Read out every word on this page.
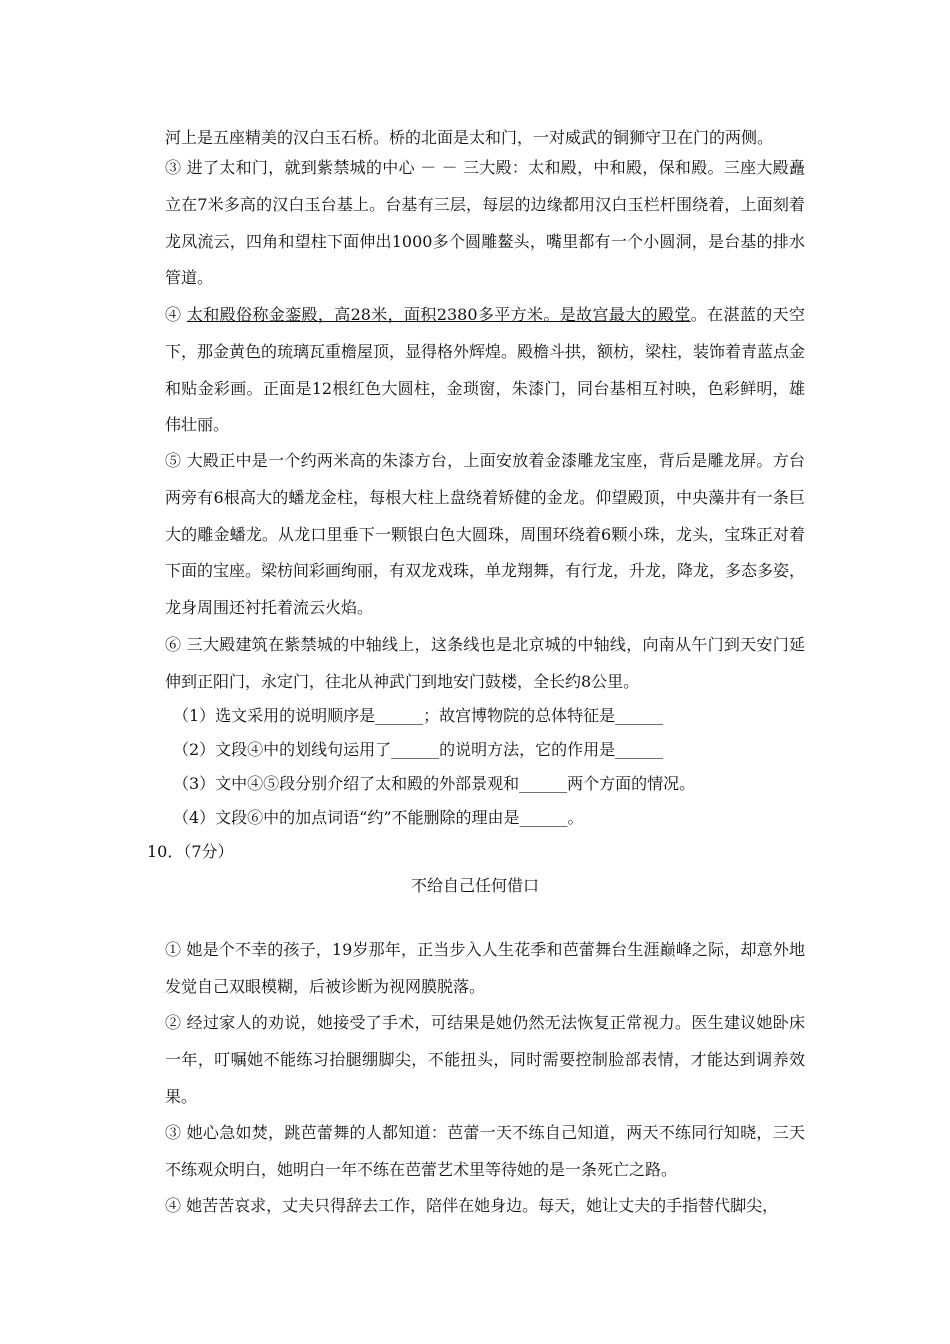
河上是五座精美的汉白玉石桥。桥的北面是太和门，一对威武的铜狮守卫在门的两侧。

③ 进了太和门，就到紫禁城的中心 － － 三大殿：太和殿，中和殿，保和殿。三座大殿矗立在7米多高的汉白玉台基上。台基有三层，每层的边缘都用汉白玉栏杆围绕着，上面刻着龙凤流云，四角和望柱下面伸出1000多个圆雕鳌头，嘴里都有一个小圆洞，是台基的排水管道。

④ 太和殿俗称金銮殿，高28米，面积2380多平方米。是故宫最大的殿堂。在湛蓝的天空下，那金黄色的琉璃瓦重檐屋顶，显得格外辉煌。殿檐斗拱，额枋，梁柱，装饰着青蓝点金和贴金彩画。正面是12根红色大圆柱，金琐窗，朱漆门，同台基相互衬映，色彩鲜明，雄伟壮丽。

⑤ 大殿正中是一个约两米高的朱漆方台，上面安放着金漆雕龙宝座，背后是雕龙屏。方台两旁有6根高大的蟠龙金柱，每根大柱上盘绕着矫健的金龙。仰望殿顶，中央藻井有一条巨大的雕金蟠龙。从龙口里垂下一颗银白色大圆珠，周围环绕着6颗小珠，龙头，宝珠正对着下面的宝座。梁枋间彩画绚丽，有双龙戏珠，单龙翔舞，有行龙，升龙，降龙，多态多姿，龙身周围还衬托着流云火焰。

⑥ 三大殿建筑在紫禁城的中轴线上，这条线也是北京城的中轴线，向南从午门到天安门延伸到正阳门，永定门，往北从神武门到地安门鼓楼，全长约8公里。

（1）选文采用的说明顺序是______；故宫博物院的总体特征是______

（2）文段④中的划线句运用了______的说明方法，它的作用是______

（3）文中④⑤段分别介绍了太和殿的外部景观和______两个方面的情况。

（4）文段⑥中的加点词语“约”不能删除的理由是______。

10．（7分）
不给自己任何借口

① 她是个不幸的孩子，19岁那年，正当步入人生花季和芭蕾舞台生涯巅峰之际，却意外地发觉自己双眼模糊，后被诊断为视网膜脱落。

② 经过家人的劝说，她接受了手术，可结果是她仍然无法恢复正常视力。医生建议她卧床一年，叮嘱她不能练习抬腿绷脚尖，不能扭头，同时需要控制脸部表情，才能达到调养效果。

③ 她心急如焚，跳芭蕾舞的人都知道：芭蕾一天不练自己知道，两天不练同行知晓，三天不练观众明白，她明白一年不练在芭蕾艺术里等待她的是一条死亡之路。

④ 她苦苦哀求，丈夫只得辞去工作，陪伴在她身边。每天，她让丈夫的手指替代脚尖，
